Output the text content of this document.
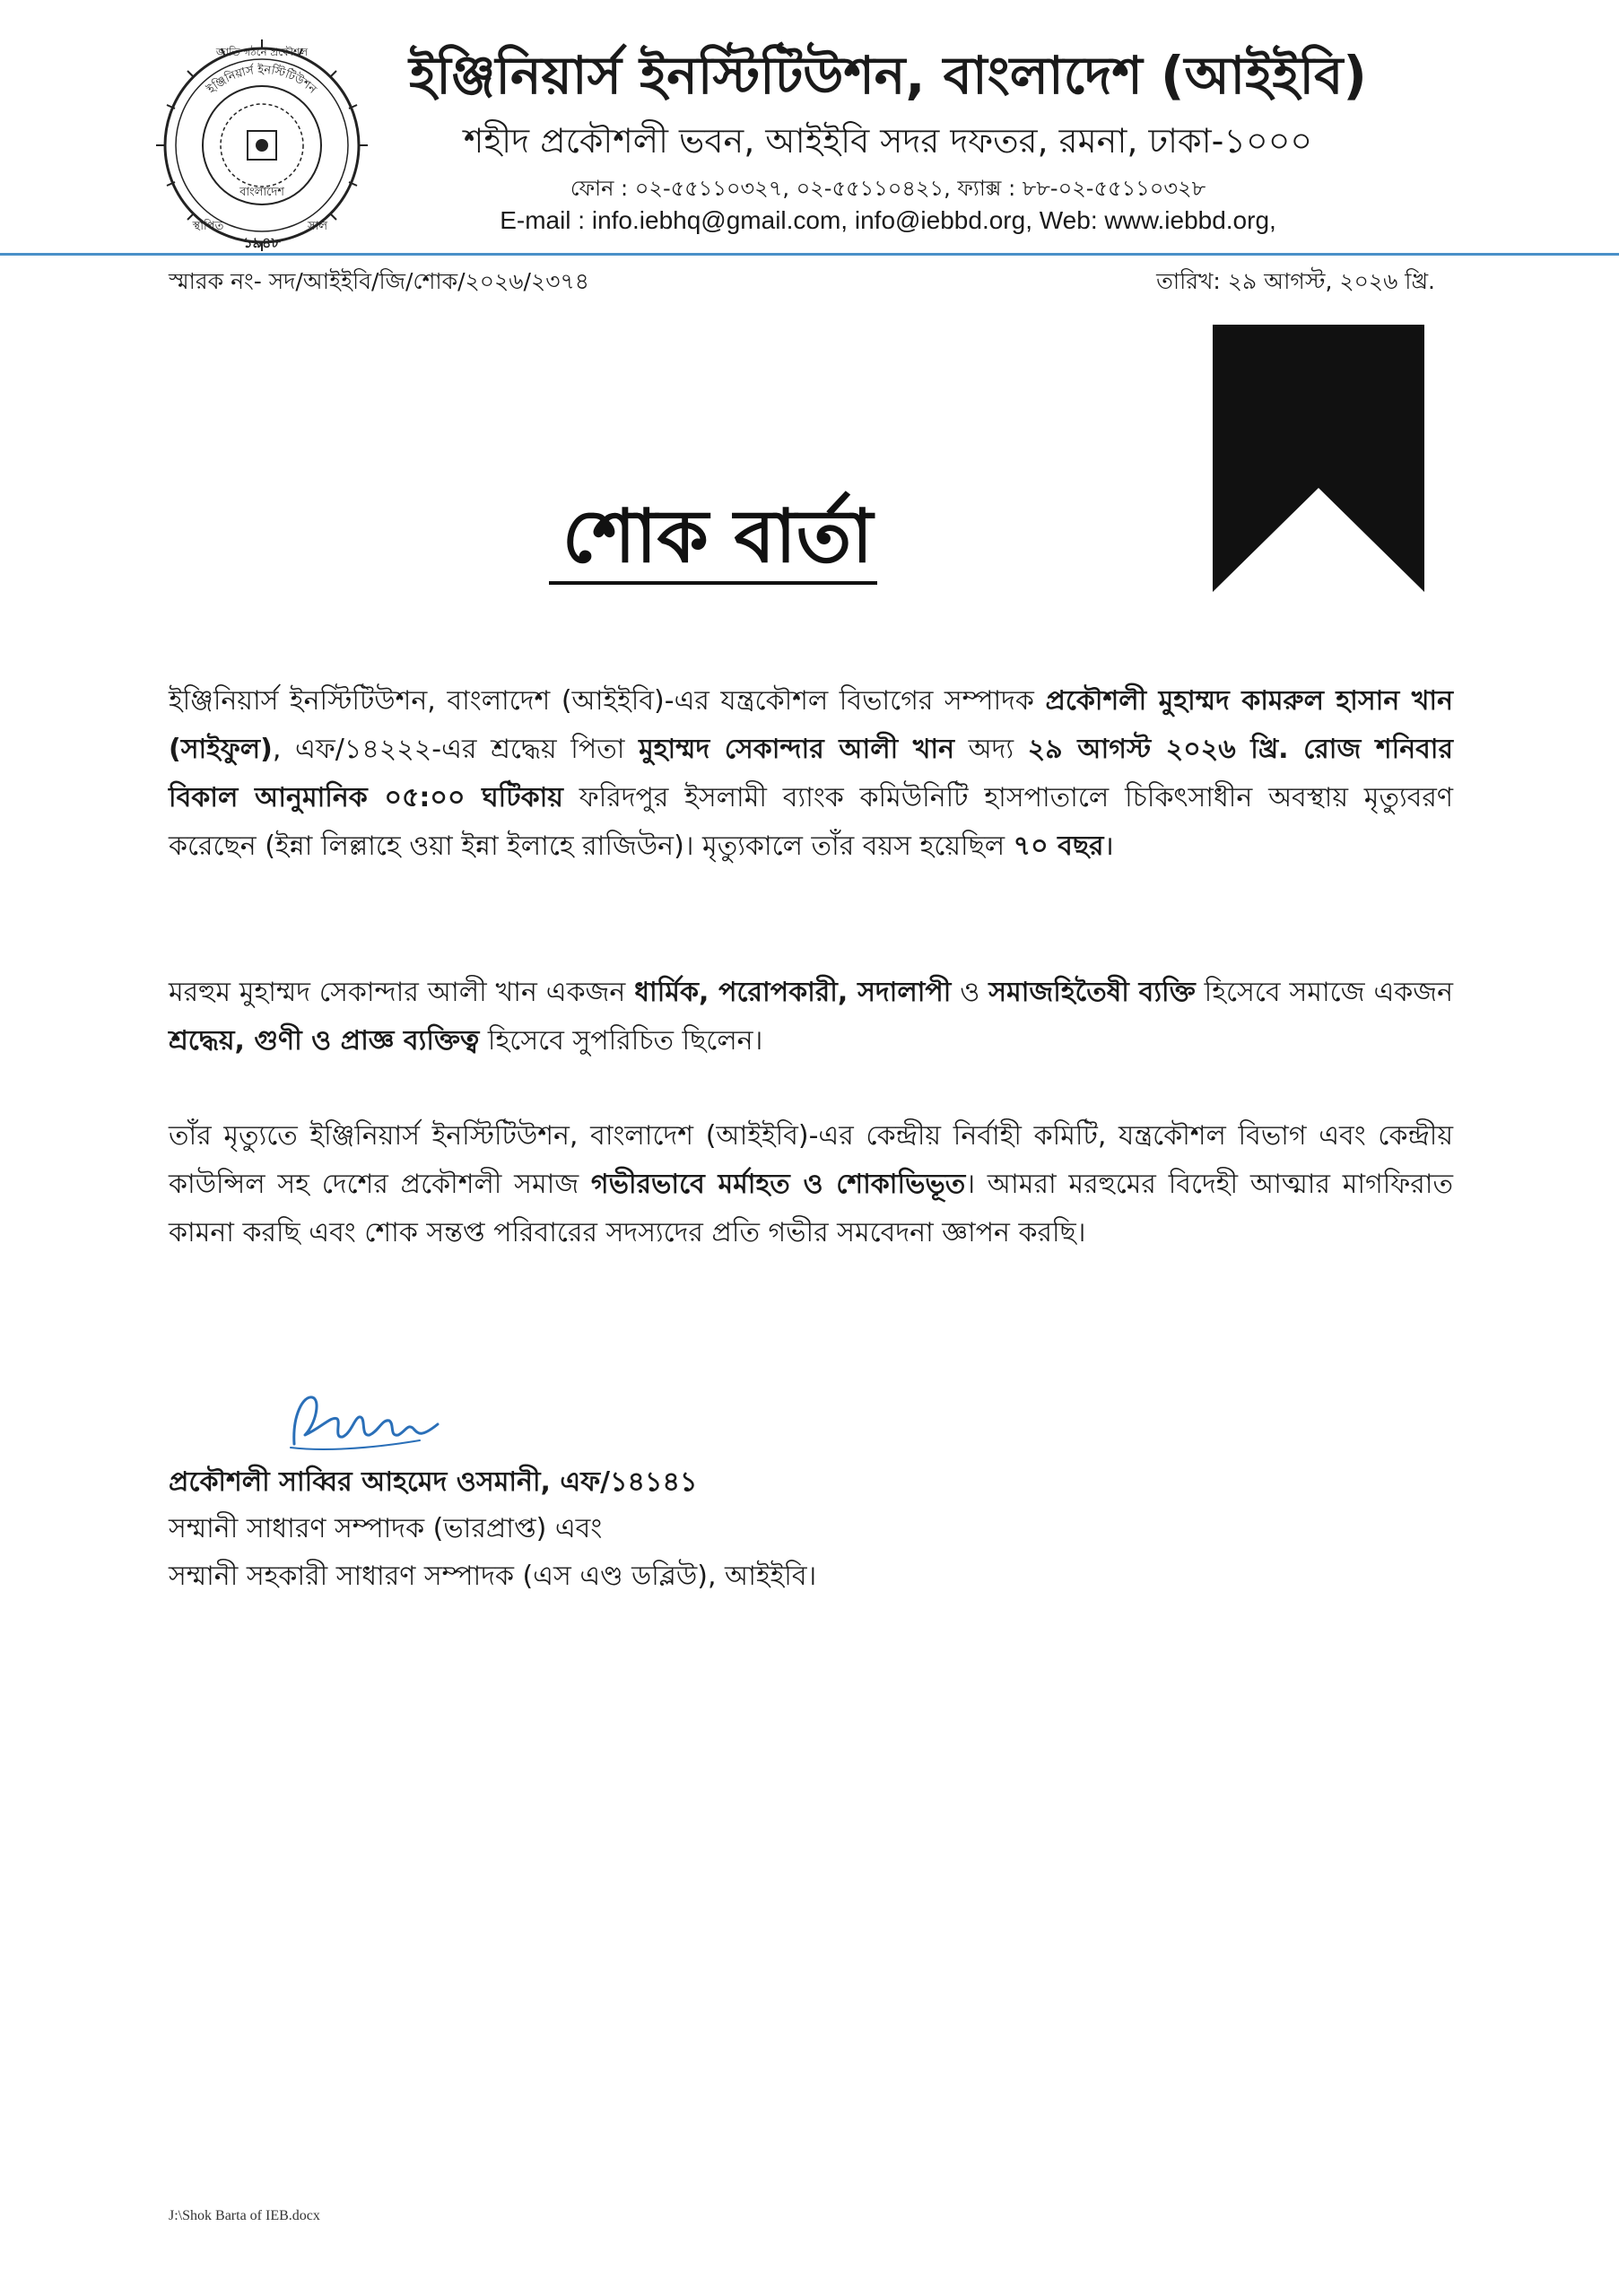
ইঞ্জিনিয়ার্স ইনস্টিটিউশন
জাতি গঠনে প্রকৌশল
বাংলাদেশ
স্থাপিত
১৯৪৮
সাল
ইঞ্জিনিয়ার্স ইনস্টিটিউশন, বাংলাদেশ (আইইবি)
শহীদ প্রকৌশলী ভবন, আইইবি সদর দফতর, রমনা, ঢাকা-১০০০
ফোন : ০২-৫৫১১০৩২৭, ০২-৫৫১১০৪২১, ফ্যাক্স : ৮৮-০২-৫৫১১০৩২৮
E-mail : info.iebhq@gmail.com, info@iebbd.org, Web: www.iebbd.org,
স্মারক নং- সদ/আইইবি/জি/শোক/২০২৬/২৩৭৪	তারিখ: ২৯ আগস্ট, ২০২৬ খ্রি.
শোক বার্তা
ইঞ্জিনিয়ার্স ইনস্টিটিউশন, বাংলাদেশ (আইইবি)-এর যন্ত্রকৌশল বিভাগের সম্পাদক প্রকৌশলী মুহাম্মদ কামরুল হাসান খান (সাইফুল), এফ/১৪২২২-এর শ্রদ্ধেয় পিতা মুহাম্মদ সেকান্দার আলী খান অদ্য ২৯ আগস্ট ২০২৬ খ্রি. রোজ শনিবার বিকাল আনুমানিক ০৫:০০ ঘটিকায় ফরিদপুর ইসলামী ব্যাংক কমিউনিটি হাসপাতালে চিকিৎসাধীন অবস্থায় মৃত্যুবরণ করেছেন (ইন্না লিল্লাহে ওয়া ইন্না ইলাহে রাজিউন)। মৃত্যুকালে তাঁর বয়স হয়েছিল ৭০ বছর।
মরহুম মুহাম্মদ সেকান্দার আলী খান একজন ধার্মিক, পরোপকারী, সদালাপী ও সমাজহিতৈষী ব্যক্তি হিসেবে সমাজে একজন শ্রদ্ধেয়, গুণী ও প্রাজ্ঞ ব্যক্তিত্ব হিসেবে সুপরিচিত ছিলেন।
তাঁর মৃত্যুতে ইঞ্জিনিয়ার্স ইনস্টিটিউশন, বাংলাদেশ (আইইবি)-এর কেন্দ্রীয় নির্বাহী কমিটি, যন্ত্রকৌশল বিভাগ এবং কেন্দ্রীয় কাউন্সিল সহ দেশের প্রকৌশলী সমাজ গভীরভাবে মর্মাহত ও শোকাভিভূত। আমরা মরহুমের বিদেহী আত্মার মাগফিরাত কামনা করছি এবং শোক সন্তপ্ত পরিবারের সদস্যদের প্রতি গভীর সমবেদনা জ্ঞাপন করছি।
প্রকৌশলী সাব্বির আহমেদ ওসমানী, এফ/১৪১৪১
সম্মানী সাধারণ সম্পাদক (ভারপ্রাপ্ত) এবং
সম্মানী সহকারী সাধারণ সম্পাদক (এস এণ্ড ডব্লিউ), আইইবি।
J:\Shok Barta of IEB.docx
